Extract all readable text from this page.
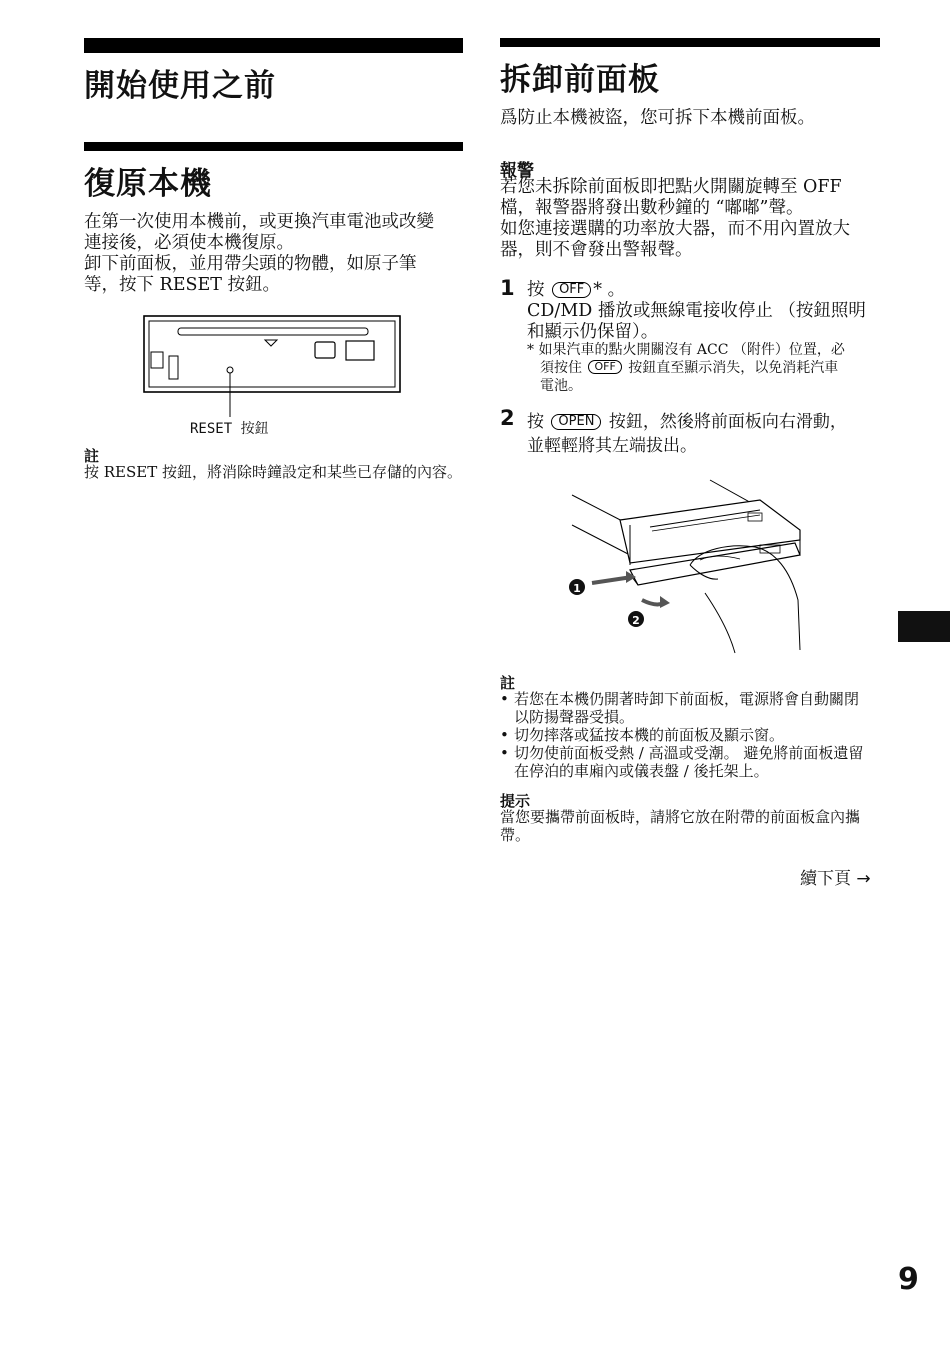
開始使用之前
復原本機
在第一次使用本機前，或更換汽車電池或改變
連接後，必須使本機復原。
卸下前面板，並用帶尖頭的物體，如原子筆
等，按下 RESET 按鈕。
RESET 按鈕
註
按 RESET 按鈕，將消除時鐘設定和某些已存儲的內容。
拆卸前面板
爲防止本機被盜，您可拆下本機前面板。
報警
若您未拆除前面板即把點火開關旋轉至 OFF
檔，報警器將發出數秒鐘的 “嘟嘟”聲。
如您連接選購的功率放大器，而不用內置放大
器，則不會發出警報聲。
1 按 OFF * 。
CD/MD 播放或無線電接收停止 （按鈕照明
和顯示仍保留）。
* 如果汽車的點火開關沒有 ACC （附件）位置，必
須按住 OFF 按鈕直至顯示消失，以免消耗汽車
電池。
2 按 OPEN 按鈕，然後將前面板向右滑動，
並輕輕將其左端拔出。
1
2
註
• 若您在本機仍開著時卸下前面板，電源將會自動關閉
以防揚聲器受損。
• 切勿摔落或猛按本機的前面板及顯示窗。
• 切勿使前面板受熱 / 高溫或受潮。 避免將前面板遺留
在停泊的車廂內或儀表盤 / 後托架上。
提示
當您要攜帶前面板時，請將它放在附帶的前面板盒內攜
帶。
續下頁 →
9
